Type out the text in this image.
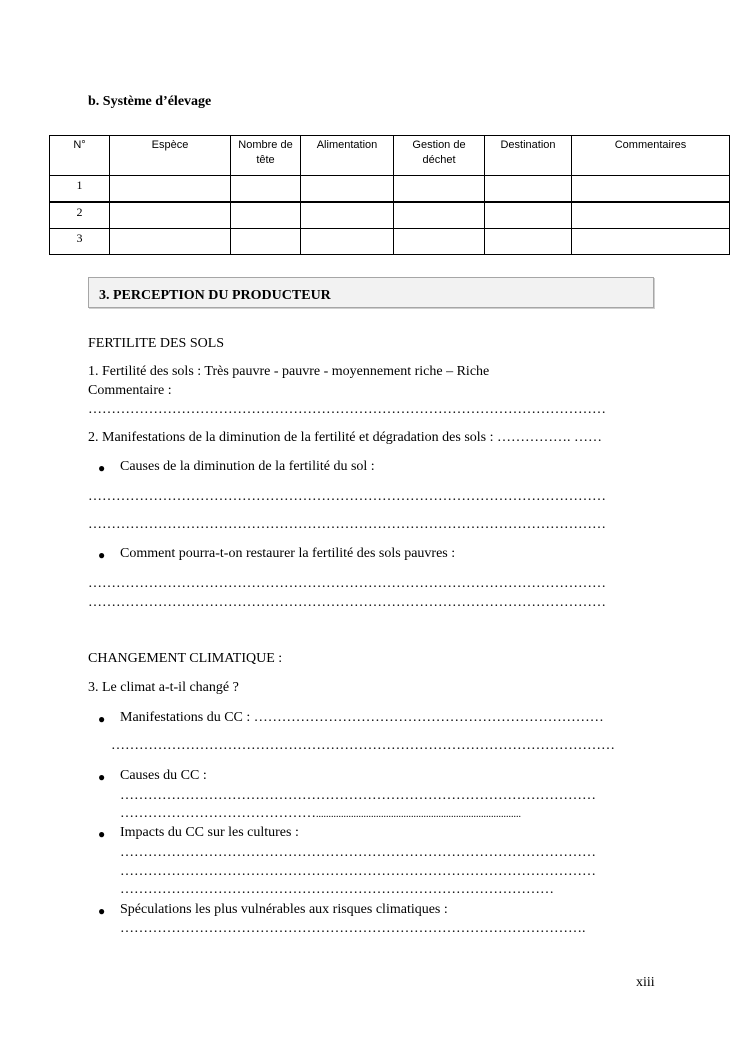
b. Système d’élevage
N°	Espèce	Nombre de tête	Alimentation	Gestion de déchet	Destination	Commentaires
1						
2						
3						
3. PERCEPTION DU PRODUCTEUR
FERTILITE DES SOLS
1. Fertilité des sols : Très pauvre - pauvre - moyennement riche – Riche
Commentaire :
…………………………………………………………………………………………………
2. Manifestations de la diminution de la fertilité et dégradation des sols : ……………. ……
● Causes de la diminution de la fertilité du sol :
…………………………………………………………………………………………………
…………………………………………………………………………………………………
● Comment pourra-t-on restaurer la fertilité des sols pauvres :
…………………………………………………………………………………………………
…………………………………………………………………………………………………
CHANGEMENT CLIMATIQUE :
3. Le climat a-t-il changé ?
● Manifestations du CC : …………………………………………………………………
………………………………………………………………………………………………
● Causes du CC :
…………………………………………………………………………………………
……………………………………..................................................................................
● Impacts du CC sur les cultures :
…………………………………………………………………………………………
…………………………………………………………………………………………
…………………………………………………………………………………
● Spéculations les plus vulnérables aux risques climatiques :
……………………………………………………………………………………….
xiii
